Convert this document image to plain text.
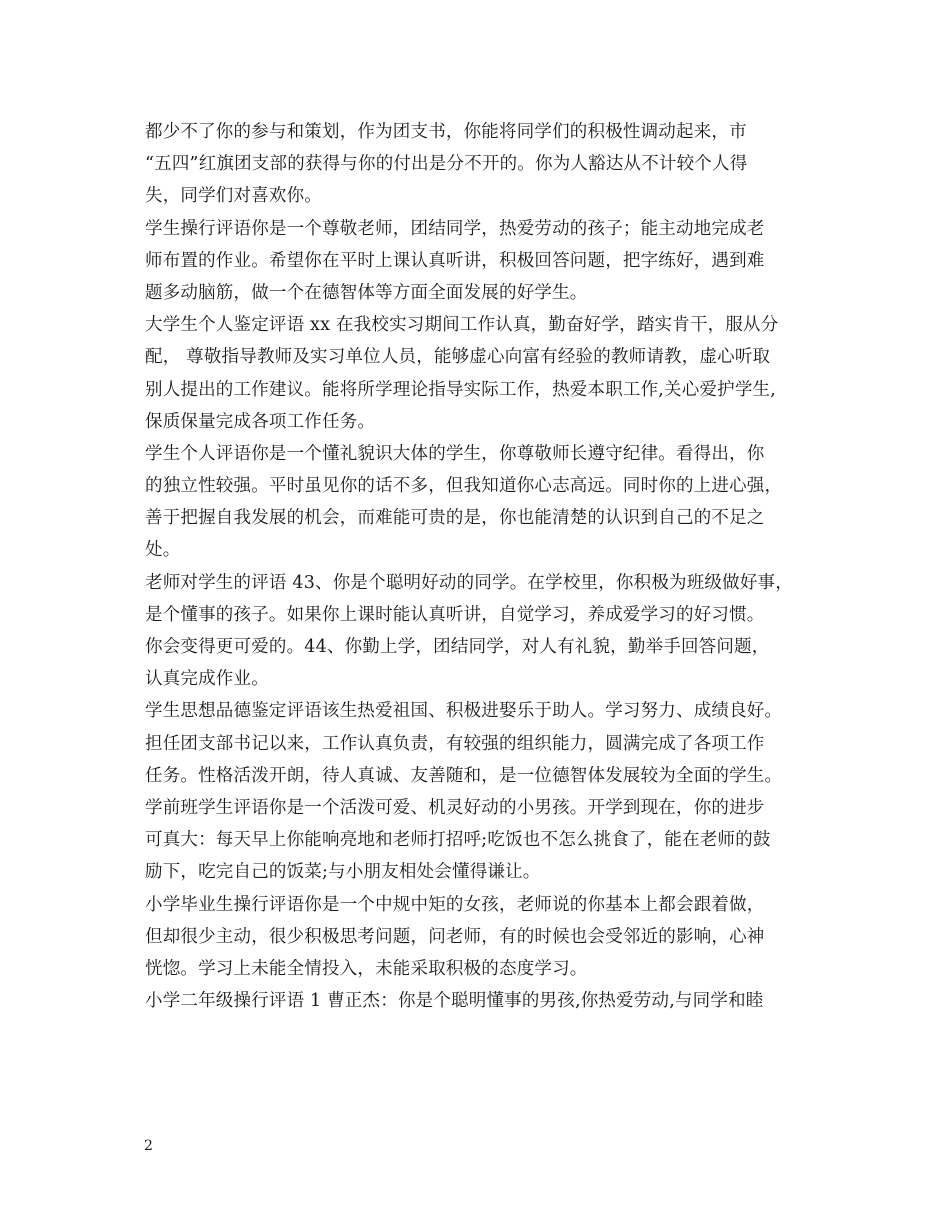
都少不了你的参与和策划，作为团支书，你能将同学们的积极性调动起来，市
“五四”红旗团支部的获得与你的付出是分不开的。你为人豁达从不计较个人得
失，同学们对喜欢你。
学生操行评语你是一个尊敬老师，团结同学，热爱劳动的孩子；能主动地完成老
师布置的作业。希望你在平时上课认真听讲，积极回答问题，把字练好，遇到难
题多动脑筋，做一个在德智体等方面全面发展的好学生。
大学生个人鉴定评语 xx 在我校实习期间工作认真，勤奋好学，踏实肯干，服从分
配， 尊敬指导教师及实习单位人员，能够虚心向富有经验的教师请教，虚心听取
别人提出的工作建议。能将所学理论指导实际工作，热爱本职工作,关心爱护学生,
保质保量完成各项工作任务。
学生个人评语你是一个懂礼貌识大体的学生，你尊敬师长遵守纪律。看得出，你
的独立性较强。平时虽见你的话不多，但我知道你心志高远。同时你的上进心强，
善于把握自我发展的机会，而难能可贵的是，你也能清楚的认识到自己的不足之
处。
老师对学生的评语 43、你是个聪明好动的同学。在学校里，你积极为班级做好事，
是个懂事的孩子。如果你上课时能认真听讲，自觉学习，养成爱学习的好习惯。
你会变得更可爱的。44、你勤上学，团结同学，对人有礼貌，勤举手回答问题，
认真完成作业。
学生思想品德鉴定评语该生热爱祖国、积极进娶乐于助人。学习努力、成绩良好。
担任团支部书记以来，工作认真负责，有较强的组织能力，圆满完成了各项工作
任务。性格活泼开朗，待人真诚、友善随和，是一位德智体发展较为全面的学生。
学前班学生评语你是一个活泼可爱、机灵好动的小男孩。开学到现在，你的进步
可真大：每天早上你能响亮地和老师打招呼;吃饭也不怎么挑食了，能在老师的鼓
励下，吃完自己的饭菜;与小朋友相处会懂得谦让。
小学毕业生操行评语你是一个中规中矩的女孩，老师说的你基本上都会跟着做，
但却很少主动，很少积极思考问题，问老师，有的时候也会受邻近的影响，心神
恍惚。学习上未能全情投入，未能采取积极的态度学习。
小学二年级操行评语 1 曹正杰：你是个聪明懂事的男孩,你热爱劳动,与同学和睦
2
